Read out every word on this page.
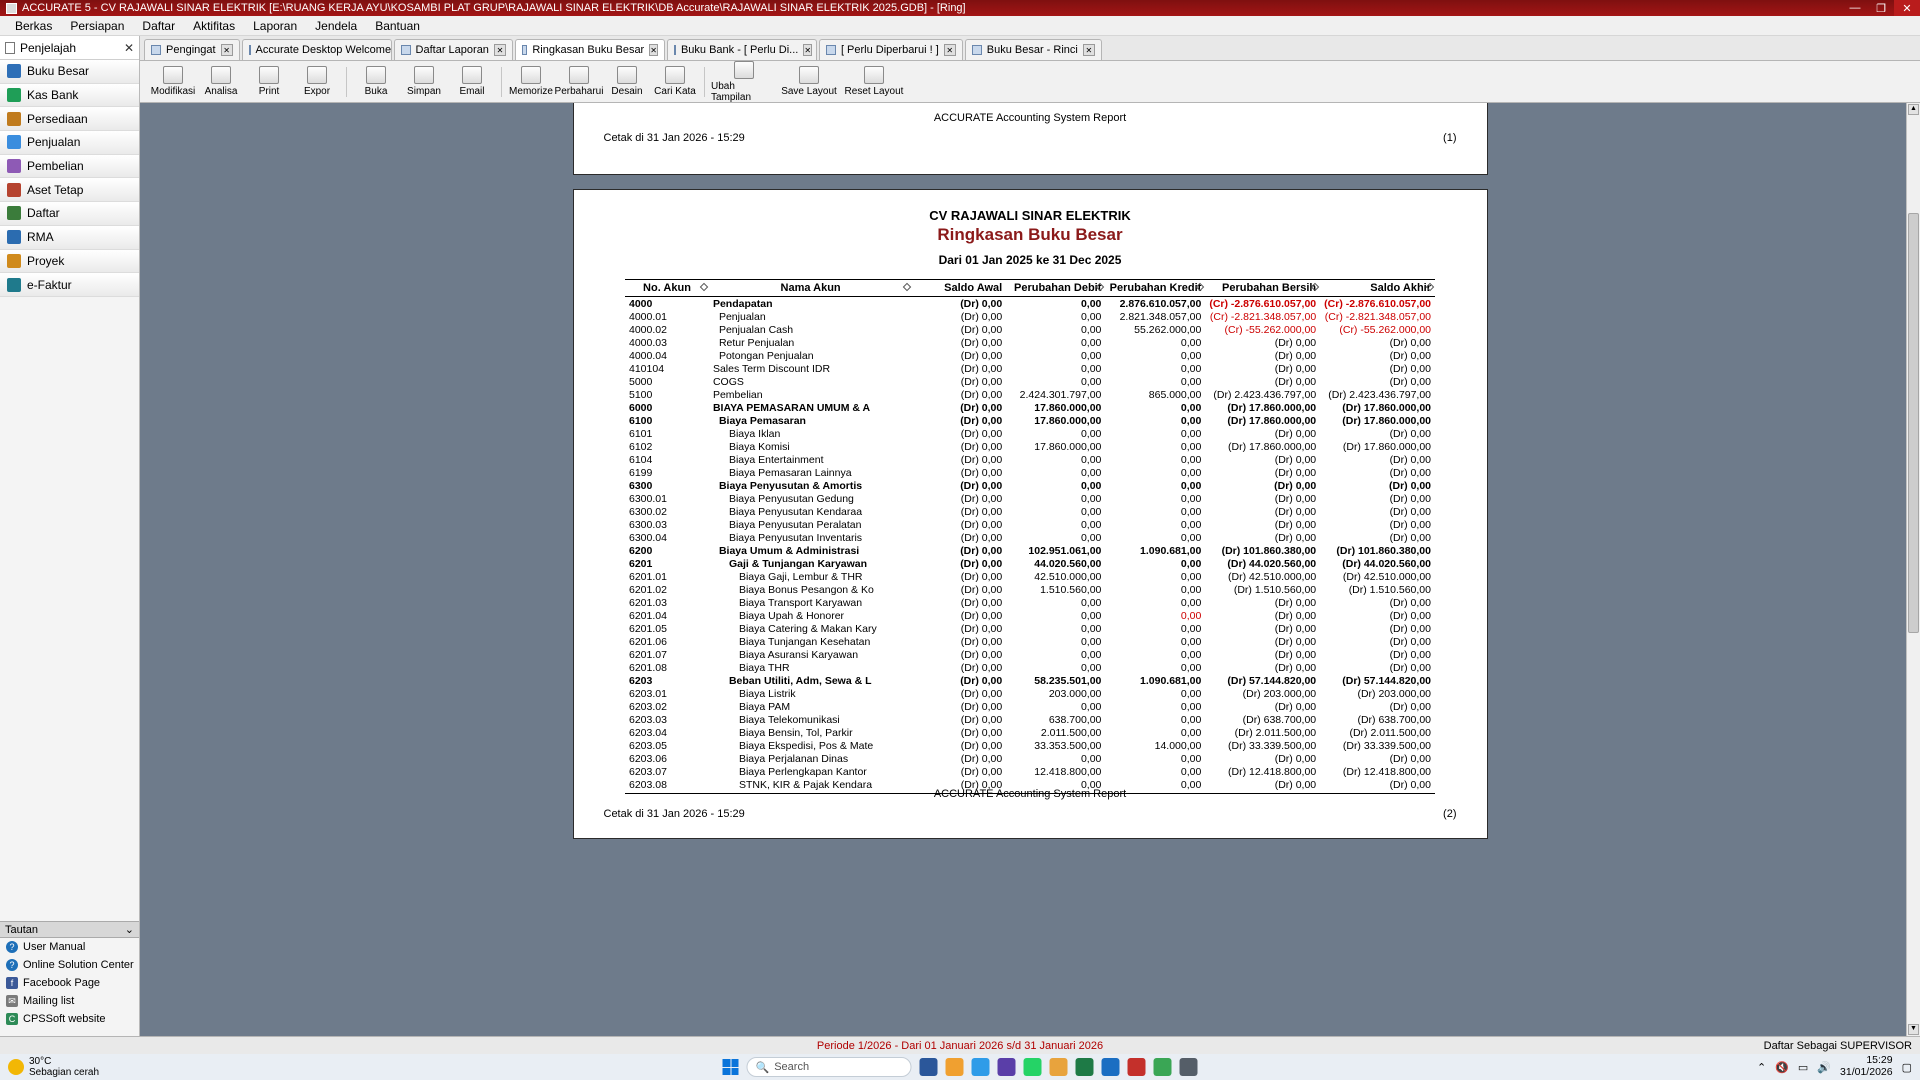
ACCURATE 5 - CV RAJAWALI SINAR ELEKTRIK [E:\RUANG KERJA AYU\KOSAMBI PLAT GRUP\RAJAWALI SINAR ELEKTRIK\DB Accurate\RAJAWALI SINAR ELEKTRIK 2025.GDB] - [Ring]	—	❐	✕
Berkas	Persiapan	Daftar	Aktifitas	Laporan	Jendela	Bantuan
Penjelajah	✕
Buku Besar
Kas Bank
Persediaan
Penjualan
Pembelian
Aset Tetap
Daftar
RMA
Proyek
e-Faktur
Tautan	⌄
? User Manual
? Online Solution Center
f Facebook Page
✉ Mailing list
C CPSSoft website
Pengingat ✕ Accurate Desktop Welcome Daftar Laporan ✕	Ringkasan Buku Besar ✕ Buku Bank - [ Perlu Di... ✕	[ Perlu Diperbarui ! ] ✕	Buku Besar - Rinci ✕
Modifikasi Analisa Print Expor	Buka Simpan Email Memorize Perbaharui Desain Cari Kata Ubah Tampilan	Save Layout Reset Layout
ACCURATE Accounting System Report
Cetak di 31 Jan 2026 - 15:29	(1)
CV RAJAWALI SINAR ELEKTRIK
Ringkasan Buku Besar
Dari 01 Jan 2025 ke 31 Dec 2025
No. Akun	Nama Akun	Saldo Awal	Perubahan Debit	Perubahan Kredit	Perubahan Bersih	Saldo Akhir

4000	Pendapatan	(Dr) 0,00	0,00	2.876.610.057,00	(Cr) -2.876.610.057,00	(Cr) -2.876.610.057,00
4000.01	Penjualan	(Dr) 0,00	0,00	2.821.348.057,00	(Cr) -2.821.348.057,00	(Cr) -2.821.348.057,00
4000.02	Penjualan Cash	(Dr) 0,00	0,00	55.262.000,00	(Cr) -55.262.000,00	(Cr) -55.262.000,00
4000.03	Retur Penjualan	(Dr) 0,00	0,00	0,00	(Dr) 0,00	(Dr) 0,00
4000.04	Potongan Penjualan	(Dr) 0,00	0,00	0,00	(Dr) 0,00	(Dr) 0,00
410104	Sales Term Discount IDR	(Dr) 0,00	0,00	0,00	(Dr) 0,00	(Dr) 0,00
5000	COGS	(Dr) 0,00	0,00	0,00	(Dr) 0,00	(Dr) 0,00
5100	Pembelian	(Dr) 0,00	2.424.301.797,00	865.000,00	(Dr) 2.423.436.797,00	(Dr) 2.423.436.797,00
6000	BIAYA PEMASARAN UMUM & A	(Dr) 0,00	17.860.000,00	0,00	(Dr) 17.860.000,00	(Dr) 17.860.000,00
6100	Biaya Pemasaran	(Dr) 0,00	17.860.000,00	0,00	(Dr) 17.860.000,00	(Dr) 17.860.000,00
6101	Biaya Iklan	(Dr) 0,00	0,00	0,00	(Dr) 0,00	(Dr) 0,00
6102	Biaya Komisi	(Dr) 0,00	17.860.000,00	0,00	(Dr) 17.860.000,00	(Dr) 17.860.000,00
6104	Biaya Entertainment	(Dr) 0,00	0,00	0,00	(Dr) 0,00	(Dr) 0,00
6199	Biaya Pemasaran Lainnya	(Dr) 0,00	0,00	0,00	(Dr) 0,00	(Dr) 0,00
6300	Biaya Penyusutan & Amortis	(Dr) 0,00	0,00	0,00	(Dr) 0,00	(Dr) 0,00
6300.01	Biaya Penyusutan Gedung	(Dr) 0,00	0,00	0,00	(Dr) 0,00	(Dr) 0,00
6300.02	Biaya Penyusutan Kendaraa	(Dr) 0,00	0,00	0,00	(Dr) 0,00	(Dr) 0,00
6300.03	Biaya Penyusutan Peralatan	(Dr) 0,00	0,00	0,00	(Dr) 0,00	(Dr) 0,00
6300.04	Biaya Penyusutan Inventaris	(Dr) 0,00	0,00	0,00	(Dr) 0,00	(Dr) 0,00
6200	Biaya Umum & Administrasi	(Dr) 0,00	102.951.061,00	1.090.681,00	(Dr) 101.860.380,00	(Dr) 101.860.380,00
6201	Gaji & Tunjangan Karyawan	(Dr) 0,00	44.020.560,00	0,00	(Dr) 44.020.560,00	(Dr) 44.020.560,00
6201.01	Biaya Gaji, Lembur & THR	(Dr) 0,00	42.510.000,00	0,00	(Dr) 42.510.000,00	(Dr) 42.510.000,00
6201.02	Biaya Bonus Pesangon & Ko	(Dr) 0,00	1.510.560,00	0,00	(Dr) 1.510.560,00	(Dr) 1.510.560,00
6201.03	Biaya Transport Karyawan	(Dr) 0,00	0,00	0,00	(Dr) 0,00	(Dr) 0,00
6201.04	Biaya Upah & Honorer	(Dr) 0,00	0,00	0,00	(Dr) 0,00	(Dr) 0,00
6201.05	Biaya Catering & Makan Kary	(Dr) 0,00	0,00	0,00	(Dr) 0,00	(Dr) 0,00
6201.06	Biaya Tunjangan Kesehatan	(Dr) 0,00	0,00	0,00	(Dr) 0,00	(Dr) 0,00
6201.07	Biaya Asuransi Karyawan	(Dr) 0,00	0,00	0,00	(Dr) 0,00	(Dr) 0,00
6201.08	Biaya THR	(Dr) 0,00	0,00	0,00	(Dr) 0,00	(Dr) 0,00
6203	Beban Utiliti, Adm, Sewa & L	(Dr) 0,00	58.235.501,00	1.090.681,00	(Dr) 57.144.820,00	(Dr) 57.144.820,00
6203.01	Biaya Listrik	(Dr) 0,00	203.000,00	0,00	(Dr) 203.000,00	(Dr) 203.000,00
6203.02	Biaya PAM	(Dr) 0,00	0,00	0,00	(Dr) 0,00	(Dr) 0,00
6203.03	Biaya Telekomunikasi	(Dr) 0,00	638.700,00	0,00	(Dr) 638.700,00	(Dr) 638.700,00
6203.04	Biaya Bensin, Tol, Parkir	(Dr) 0,00	2.011.500,00	0,00	(Dr) 2.011.500,00	(Dr) 2.011.500,00
6203.05	Biaya Ekspedisi, Pos & Mate	(Dr) 0,00	33.353.500,00	14.000,00	(Dr) 33.339.500,00	(Dr) 33.339.500,00
6203.06	Biaya Perjalanan Dinas	(Dr) 0,00	0,00	0,00	(Dr) 0,00	(Dr) 0,00
6203.07	Biaya Perlengkapan Kantor	(Dr) 0,00	12.418.800,00	0,00	(Dr) 12.418.800,00	(Dr) 12.418.800,00
6203.08	STNK, KIR & Pajak Kendara	(Dr) 0,00	0,00	0,00	(Dr) 0,00	(Dr) 0,00
ACCURATE Accounting System Report
Cetak di 31 Jan 2026 - 15:29	(2)
▲
▼
Periode 1/2026 - Dari 01 Januari 2026 s/d 31 Januari 2026	Daftar Sebagai SUPERVISOR
30°C
Sebagian cerah	🔍 Search	⌃ 🔇 ▭ 🔊
15:29
31/01/2026 ▢
